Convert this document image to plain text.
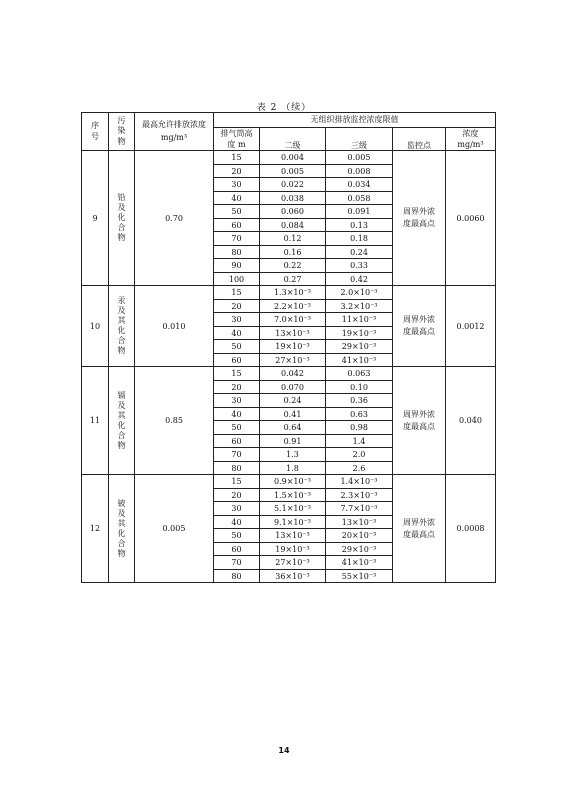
表 2 （续）
序号	污染物	最高允许排放浓度 mg/m³	无组织排放监控浓度限值				

			排气筒高度 m	二级	三级	监控点	浓度 mg/m³

9	铅及化合物	0.70	15	0.004	0.005	周界外浓度最高点	0.0060
			20	0.005	0.008		
			30	0.022	0.034		
			40	0.038	0.058		
			50	0.060	0.091		
			60	0.084	0.13		
			70	0.12	0.18		
			80	0.16	0.24		
			90	0.22	0.33		
			100	0.27	0.42		
10	汞及其化合物	0.010	15	1.3×10⁻³	2.0×10⁻³	周界外浓度最高点	0.0012
			20	2.2×10⁻³	3.2×10⁻³		
			30	7.0×10⁻³	11×10⁻³		
			40	13×10⁻³	19×10⁻³		
			50	19×10⁻³	29×10⁻³		
			60	27×10⁻³	41×10⁻³		
11	镉及其化合物	0.85	15	0.042	0.063	周界外浓度最高点	0.040
			20	0.070	0.10		
			30	0.24	0.36		
			40	0.41	0.63		
			50	0.64	0.98		
			60	0.91	1.4		
			70	1.3	2.0		
			80	1.8	2.6		
12	铍及其化合物	0.005	15	0.9×10⁻³	1.4×10⁻³	周界外浓度最高点	0.0008
			20	1.5×10⁻³	2.3×10⁻³		
			30	5.1×10⁻³	7.7×10⁻³		
			40	9.1×10⁻³	13×10⁻³		
			50	13×10⁻³	20×10⁻³		
			60	19×10⁻³	29×10⁻³		
			70	27×10⁻³	41×10⁻³		
			80	36×10⁻³	55×10⁻³		
14
